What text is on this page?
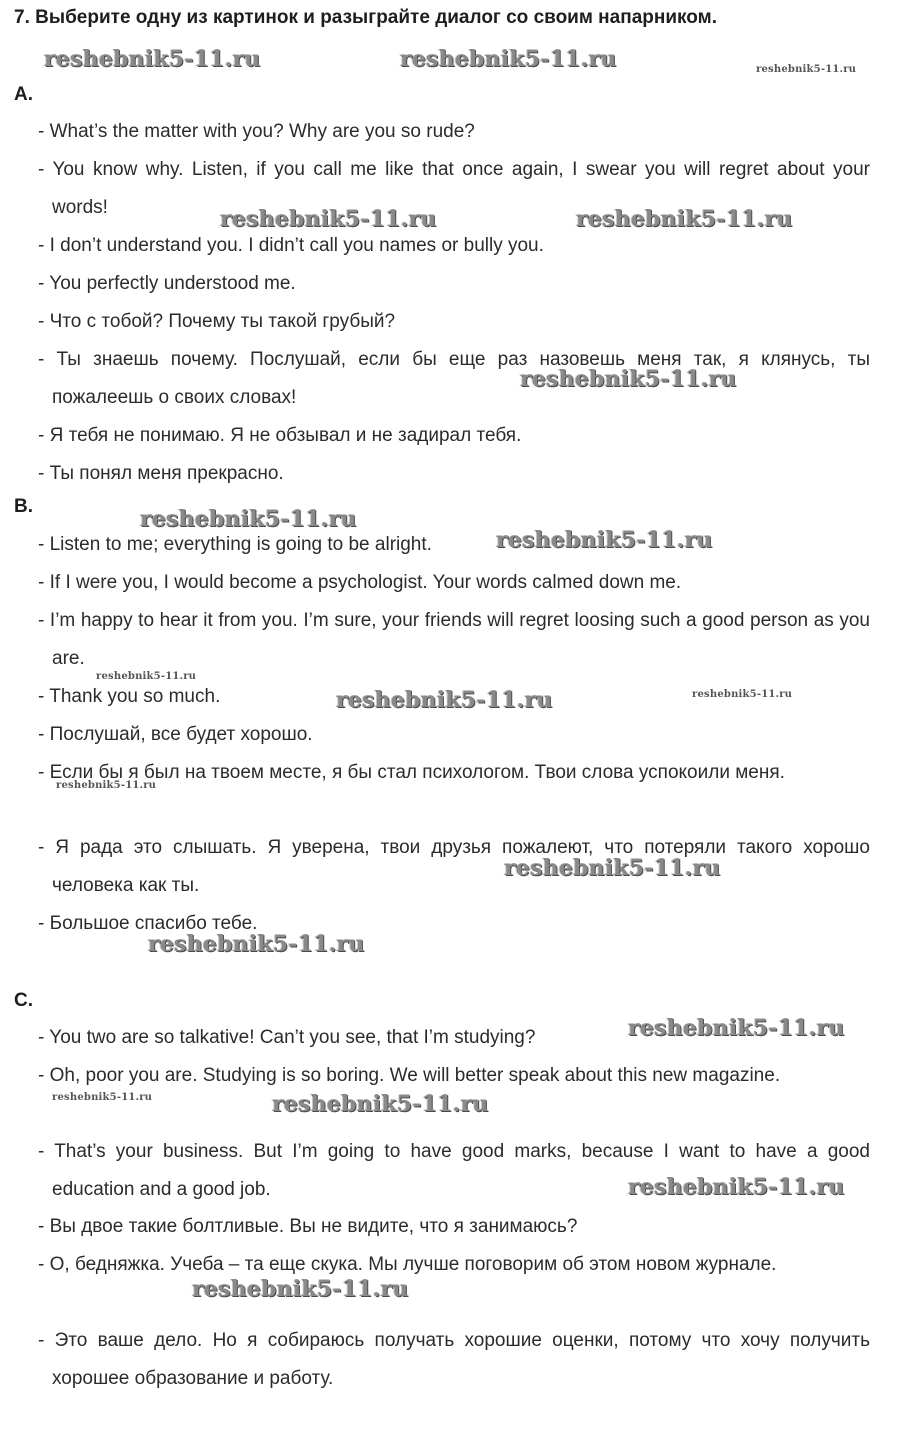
7. Выберите одну из картинок и разыграйте диалог со своим напарником.
А.
- What’s the matter with you? Why are you so rude?
- You know why. Listen, if you call me like that once again, I swear you will regret about your words!
- I don’t understand you. I didn’t call you names or bully you.
- You perfectly understood me.
- Что с тобой? Почему ты такой грубый?
- Ты знаешь почему. Послушай, если бы еще раз назовешь меня так, я клянусь, ты пожалеешь о своих словах!
- Я тебя не понимаю. Я не обзывал и не задирал тебя.
- Ты понял меня прекрасно.
В.
- Listen to me; everything is going to be alright.
- If I were you, I would become a psychologist. Your words calmed down me.
- I’m happy to hear it from you. I’m sure, your friends will regret loosing such a good person as you are.
- Thank you so much.
- Послушай, все будет хорошо.
- Если бы я был на твоем месте, я бы стал психологом. Твои слова успокоили меня.
- Я рада это слышать. Я уверена, твои друзья пожалеют, что потеряли такого хорошо человека как ты.
- Большое спасибо тебе.
С.
- You two are so talkative! Can’t you see, that I’m studying?
- Oh, poor you are. Studying is so boring. We will better speak about this new magazine.
- That’s your business. But I’m going to have good marks, because I want to have a good education and a good job.
- Вы двое такие болтливые. Вы не видите, что я занимаюсь?
- О, бедняжка. Учеба – та еще скука. Мы лучше поговорим об этом новом журнале.
- Это ваше дело. Но я собираюсь получать хорошие оценки, потому что хочу получить хорошее образование и работу.
reshebnik5-11.ru	reshebnik5-11.ru	reshebnik5-11.ru
reshebnik5-11.ru	reshebnik5-11.ru
reshebnik5-11.ru
reshebnik5-11.ru
reshebnik5-11.ru
reshebnik5-11.ru
reshebnik5-11.ru	reshebnik5-11.ru
reshebnik5-11.ru
reshebnik5-11.ru
reshebnik5-11.ru
reshebnik5-11.ru
reshebnik5-11.ru	reshebnik5-11.ru
reshebnik5-11.ru
reshebnik5-11.ru
